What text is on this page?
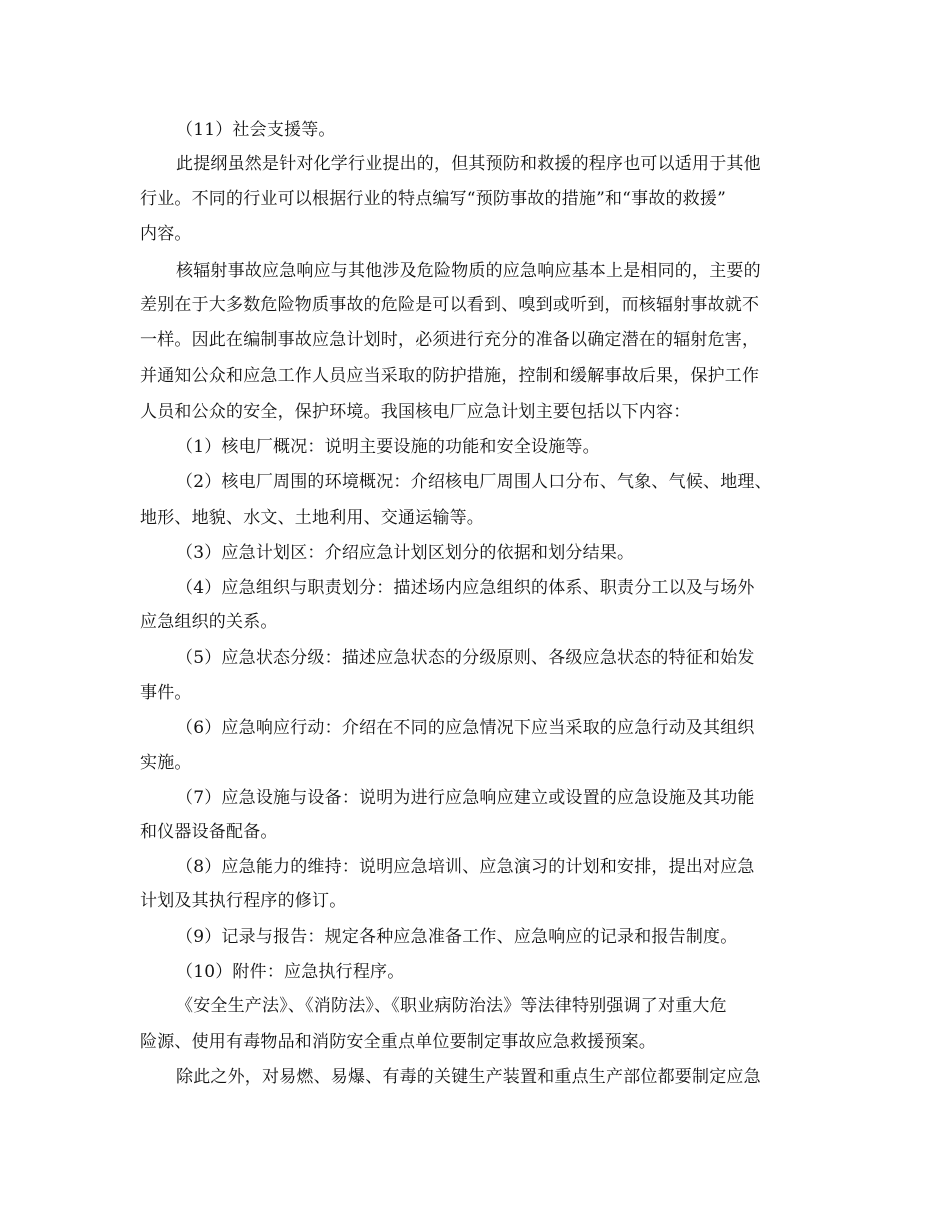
（11）社会支援等。
此提纲虽然是针对化学行业提出的，但其预防和救援的程序也可以适用于其他
行业。不同的行业可以根据行业的特点编写“预防事故的措施”和“事故的救援”
内容。
核辐射事故应急响应与其他涉及危险物质的应急响应基本上是相同的，主要的
差别在于大多数危险物质事故的危险是可以看到、嗅到或听到，而核辐射事故就不
一样。因此在编制事故应急计划时，必须进行充分的准备以确定潜在的辐射危害，
并通知公众和应急工作人员应当采取的防护措施，控制和缓解事故后果，保护工作
人员和公众的安全，保护环境。我国核电厂应急计划主要包括以下内容：
（1）核电厂概况：说明主要设施的功能和安全设施等。
（2）核电厂周围的环境概况：介绍核电厂周围人口分布、气象、气候、地理、
地形、地貌、水文、土地利用、交通运输等。
（3）应急计划区：介绍应急计划区划分的依据和划分结果。
（4）应急组织与职责划分：描述场内应急组织的体系、职责分工以及与场外
应急组织的关系。
（5）应急状态分级：描述应急状态的分级原则、各级应急状态的特征和始发
事件。
（6）应急响应行动：介绍在不同的应急情况下应当采取的应急行动及其组织
实施。
（7）应急设施与设备：说明为进行应急响应建立或设置的应急设施及其功能
和仪器设备配备。
（8）应急能力的维持：说明应急培训、应急演习的计划和安排，提出对应急
计划及其执行程序的修订。
（9）记录与报告：规定各种应急准备工作、应急响应的记录和报告制度。
（10）附件：应急执行程序。
《安全生产法》、《消防法》、《职业病防治法》等法律特别强调了对重大危
险源、使用有毒物品和消防安全重点单位要制定事故应急救援预案。
除此之外，对易燃、易爆、有毒的关键生产装置和重点生产部位都要制定应急
